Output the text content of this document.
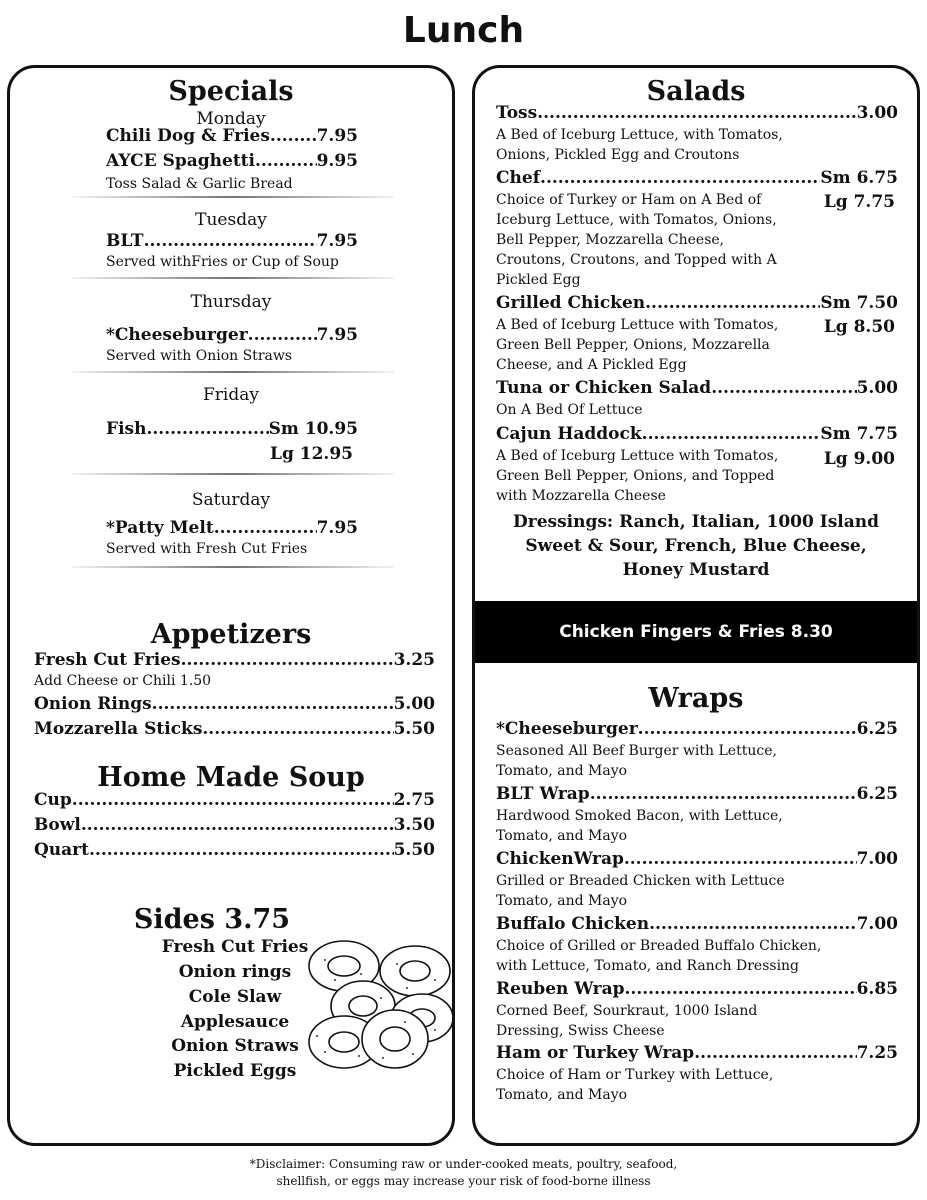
Lunch
Specials
Monday
Chili Dog & Fries .....	7.95
AYCE Spaghetti .....	9.95
Toss Salad & Garlic Bread
Tuesday
BLT .....	7.95
Served withFries or Cup of Soup
Thursday
*Cheeseburger .....	7.95
Served with Onion Straws
Friday
Fish .....	Sm 10.95
Lg 12.95
Saturday
*Patty Melt .....	7.95
Served with Fresh Cut Fries
Appetizers
Fresh Cut Fries .....	3.25
Add Cheese or Chili 1.50
Onion Rings .....	5.00
Mozzarella Sticks .....	5.50
Home Made Soup
Cup .....	2.75
Bowl .....	3.50
Quart .....	5.50
Sides 3.75
Fresh Cut Fries
Onion rings
Cole Slaw
Applesauce
Onion Straws
Pickled Eggs
Salads
Toss .....	3.00
A Bed of Iceburg Lettuce, with Tomatos,
Onions, Pickled Egg and Croutons
Chef .....	Sm 6.75
Lg 7.75
Choice of Turkey or Ham on A Bed of
Iceburg Lettuce, with Tomatos, Onions,
Bell Pepper, Mozzarella Cheese,
Croutons, Croutons, and Topped with A
Pickled Egg
Grilled Chicken .....	Sm 7.50
Lg 8.50
A Bed of Iceburg Lettuce with Tomatos,
Green Bell Pepper, Onions, Mozzarella
Cheese, and A Pickled Egg
Tuna or Chicken Salad .....	5.00
On A Bed Of Lettuce
Cajun Haddock .....	Sm 7.75
Lg 9.00
A Bed of Iceburg Lettuce with Tomatos,
Green Bell Pepper, Onions, and Topped
with Mozzarella Cheese
Dressings: Ranch, Italian, 1000 Island
Sweet & Sour, French, Blue Cheese,
Honey Mustard
Chicken Fingers & Fries 8.30
Wraps
*Cheeseburger .....	6.25
Seasoned All Beef Burger with Lettuce,
Tomato, and Mayo
BLT Wrap .....	6.25
Hardwood Smoked Bacon, with Lettuce,
Tomato, and Mayo
ChickenWrap .....	7.00
Grilled or Breaded Chicken with Lettuce
Tomato, and Mayo
Buffalo Chicken .....	7.00
Choice of Grilled or Breaded Buffalo Chicken,
with Lettuce, Tomato, and Ranch Dressing
Reuben Wrap .....	6.85
Corned Beef, Sourkraut, 1000 Island
Dressing, Swiss Cheese
Ham or Turkey Wrap .....	7.25
Choice of Ham or Turkey with Lettuce,
Tomato, and Mayo
*Disclaimer: Consuming raw or under-cooked meats, poultry, seafood,
shellfish, or eggs may increase your risk of food-borne illness
